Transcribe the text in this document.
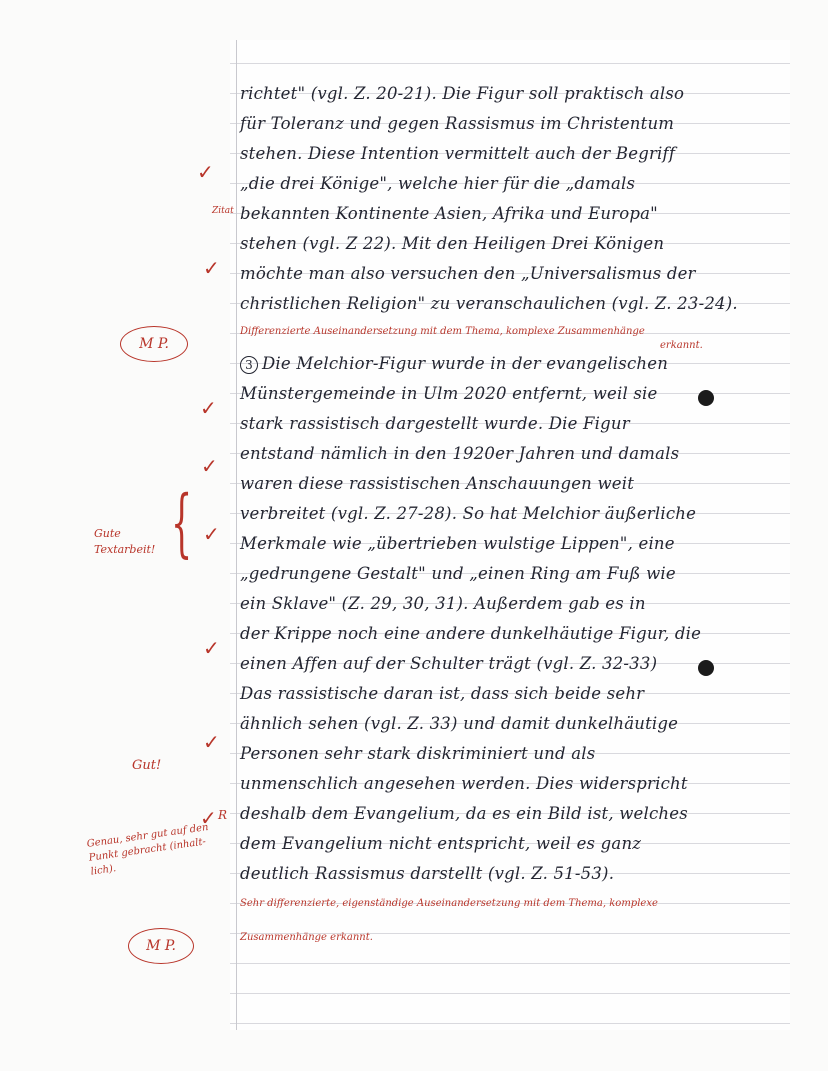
richtet" (vgl. Z. 20-21). Die Figur soll praktisch also
für Toleranz und gegen Rassismus im Christentum
stehen. Diese Intention vermittelt auch der Begriff
„die drei Könige", welche hier für die „damals
bekannten Kontinente Asien, Afrika und Europa"
stehen (vgl. Z 22). Mit den Heiligen Drei Königen
möchte man also versuchen den „Universalismus der
christlichen Religion" zu veranschaulichen (vgl. Z. 23-24).
Differenzierte Auseinandersetzung mit dem Thema, komplexe Zusammenhänge
erkannt.
3 Die Melchior-Figur wurde in der evangelischen
Münstergemeinde in Ulm 2020 entfernt, weil sie
stark rassistisch dargestellt wurde. Die Figur
entstand nämlich in den 1920er Jahren und damals
waren diese rassistischen Anschauungen weit
verbreitet (vgl. Z. 27-28). So hat Melchior äußerliche
Merkmale wie „übertrieben wulstige Lippen", eine
„gedrungene Gestalt" und „einen Ring am Fuß wie
ein Sklave" (Z. 29, 30, 31). Außerdem gab es in
der Krippe noch eine andere dunkelhäutige Figur, die
einen Affen auf der Schulter trägt (vgl. Z. 32-33)
Das rassistische daran ist, dass sich beide sehr
ähnlich sehen (vgl. Z. 33) und damit dunkelhäutige
Personen sehr stark diskriminiert und als
unmenschlich angesehen werden. Dies widerspricht
deshalb dem Evangelium, da es ein Bild ist, welches
dem Evangelium nicht entspricht, weil es ganz
deutlich Rassismus darstellt (vgl. Z. 51-53).
Sehr differenzierte, eigenständige Auseinandersetzung mit dem Thema, komplexe
Zusammenhänge erkannt.
Zitat
✓
✓
✓
✓
✓
✓
✓
✓
M P.
{
Gute Textarbeit!
Gut!
R
Genau, sehr gut auf den Punkt gebracht (inhalt- lich).
M P.
